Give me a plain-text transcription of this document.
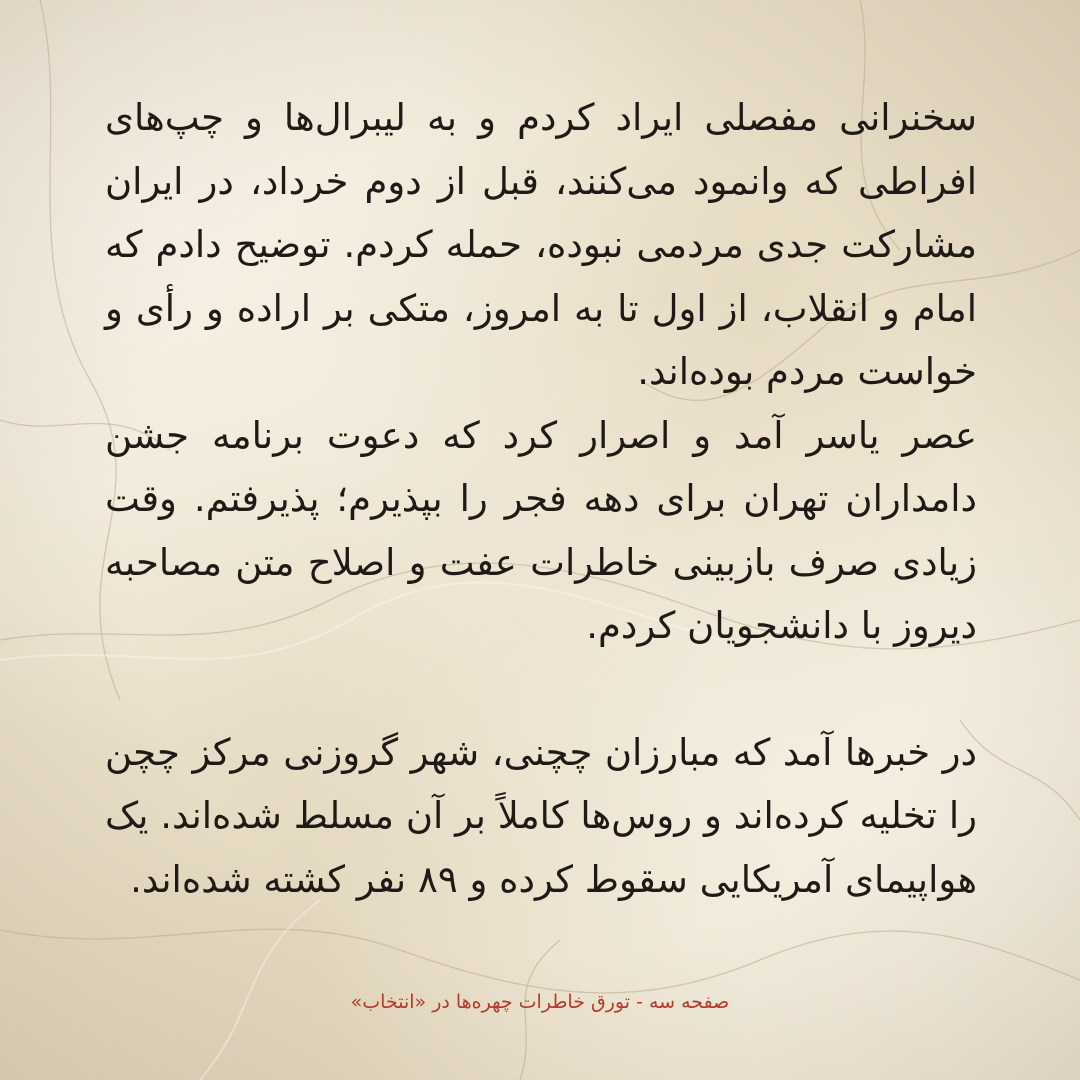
سخنرانی مفصلی ایراد کردم و به لیبرال‌ها و چپ‌های افراطی که وانمود می‌کنند، قبل از دوم خرداد، در ایران مشارکت جدی مردمی نبوده، حمله کردم. توضیح دادم که امام و انقلاب، از اول تا به امروز، متکی بر اراده و رأی و خواست مردم بوده‌اند.

عصر یاسر آمد و اصرار کرد که دعوت برنامه جشن دامداران تهران برای دهه فجر را بپذیرم؛ پذیرفتم. وقت زیادی صرف بازبینی خاطرات عفت و اصلاح متن مصاحبه دیروز با دانشجویان کردم.

در خبرها آمد که مبارزان چچنی، شهر گروزنی مرکز چچن را تخلیه کرده‌اند و روس‌ها کاملاً بر آن مسلط شده‌اند. یک هواپیمای آمریکایی سقوط کرده و ۸۹ نفر کشته شده‌اند.

صفحه سه - تورق خاطرات چهره‌ها در «انتخاب»
